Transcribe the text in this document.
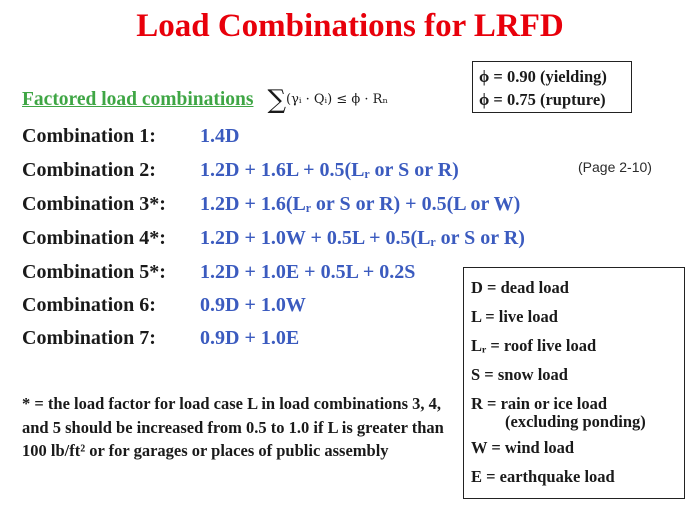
Load Combinations for LRFD
ϕ = 0.90 (yielding)
ϕ = 0.75 (rupture)
Factored load combinations ∑(γᵢ · Qᵢ) ≤ ϕ · Rₙ
Combination 1: 1.4D
Combination 2: 1.2D + 1.6L + 0.5(Lᵣ or S or R)
Combination 3*: 1.2D + 1.6(Lᵣ or S or R) + 0.5(L or W)
Combination 4*: 1.2D + 1.0W + 0.5L + 0.5(Lᵣ or S or R)
Combination 5*: 1.2D + 1.0E + 0.5L + 0.2S
Combination 6: 0.9D + 1.0W
Combination 7: 0.9D + 1.0E
(Page 2-10)
D = dead load
L = live load
Lᵣ = roof live load
S = snow load
R = rain or ice load
(excluding ponding)
W = wind load
E = earthquake load
* = the load factor for load case L in load combinations 3, 4, and 5 should be increased from 0.5 to 1.0 if L is greater than 100 lb/ft² or for garages or places of public assembly
